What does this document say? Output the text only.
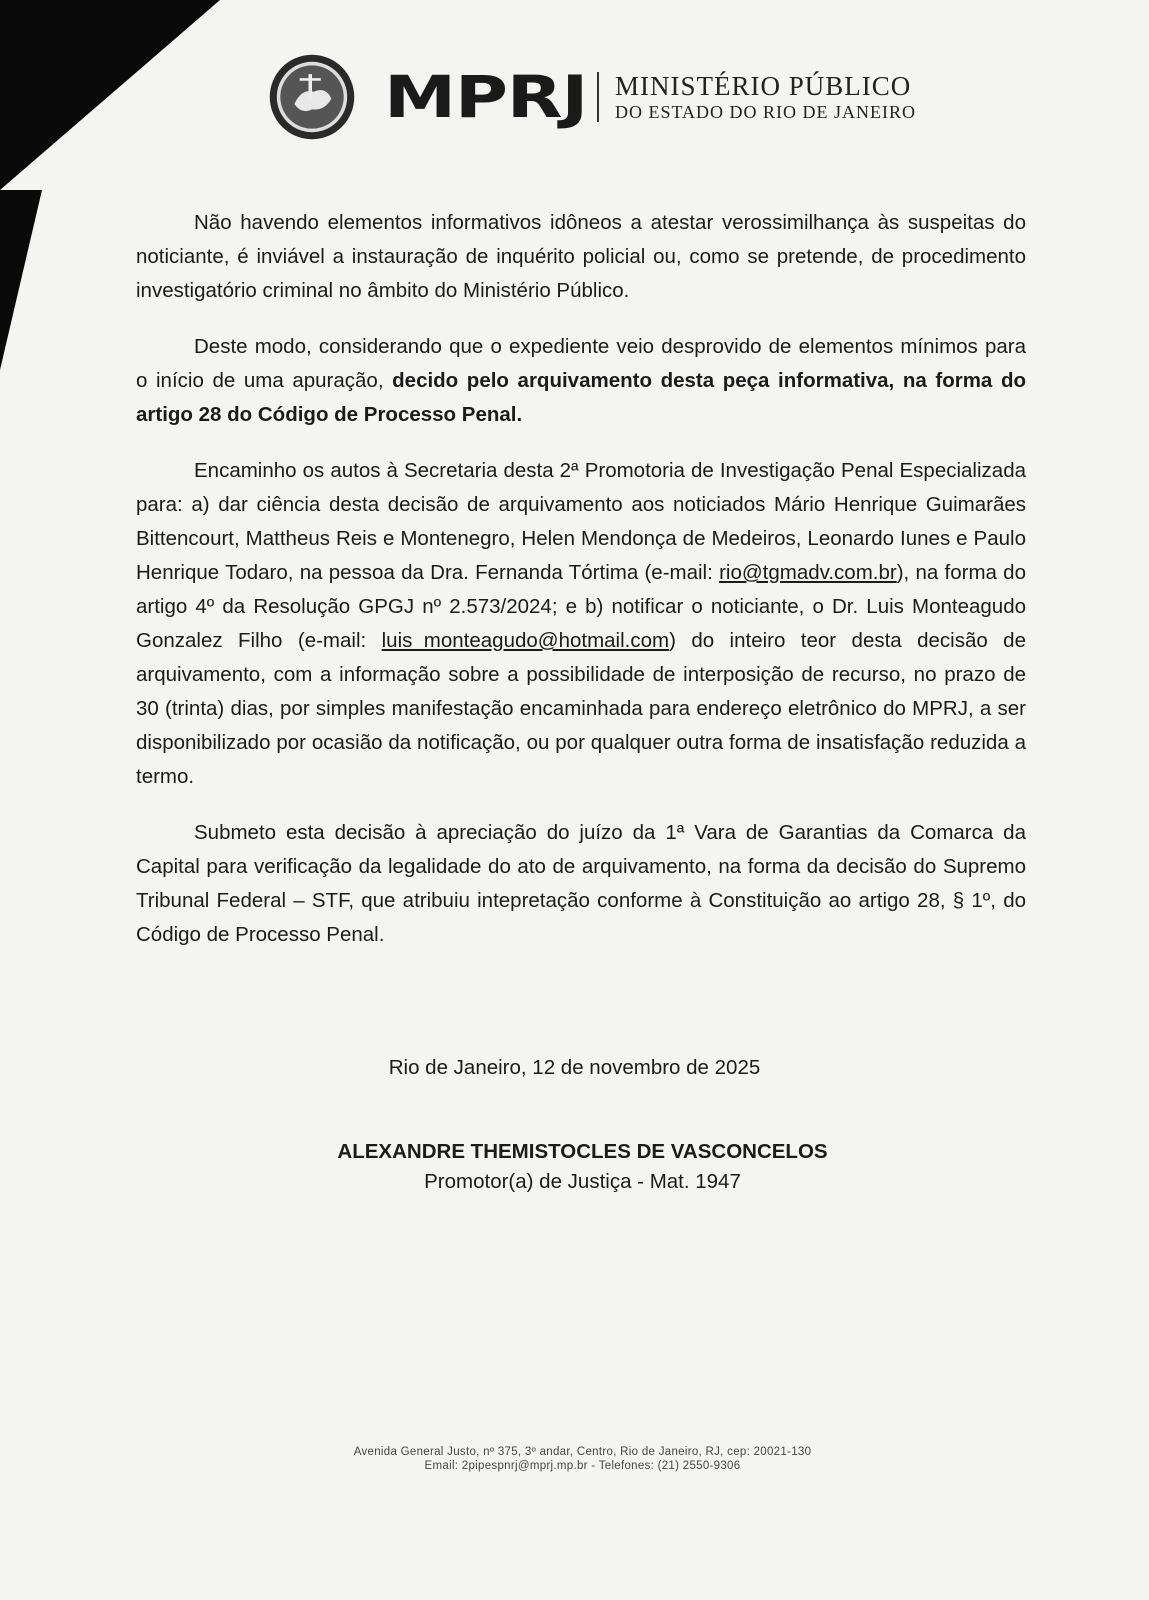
MPRJ	MINISTÉRIO PÚBLICO
DO ESTADO DO RIO DE JANEIRO

Não havendo elementos informativos idôneos a atestar verossimilhança às suspeitas do noticiante, é inviável a instauração de inquérito policial ou, como se pretende, de procedimento investigatório criminal no âmbito do Ministério Público.

Deste modo, considerando que o expediente veio desprovido de elementos mínimos para o início de uma apuração, decido pelo arquivamento desta peça informativa, na forma do artigo 28 do Código de Processo Penal.

Encaminho os autos à Secretaria desta 2ª Promotoria de Investigação Penal Especializada para: a) dar ciência desta decisão de arquivamento aos noticiados Mário Henrique Guimarães Bittencourt, Mattheus Reis e Montenegro, Helen Mendonça de Medeiros, Leonardo Iunes e Paulo Henrique Todaro, na pessoa da Dra. Fernanda Tórtima (e-mail: rio@tgmadv.com.br), na forma do artigo 4º da Resolução GPGJ nº 2.573/2024; e b) notificar o noticiante, o Dr. Luis Monteagudo Gonzalez Filho (e-mail: luis_monteagudo@hotmail.com) do inteiro teor desta decisão de arquivamento, com a informação sobre a possibilidade de interposição de recurso, no prazo de 30 (trinta) dias, por simples manifestação encaminhada para endereço eletrônico do MPRJ, a ser disponibilizado por ocasião da notificação, ou por qualquer outra forma de insatisfação reduzida a termo.

Submeto esta decisão à apreciação do juízo da 1ª Vara de Garantias da Comarca da Capital para verificação da legalidade do ato de arquivamento, na forma da decisão do Supremo Tribunal Federal – STF, que atribuiu intepretação conforme à Constituição ao artigo 28, § 1º, do Código de Processo Penal.

Rio de Janeiro, 12 de novembro de 2025
ALEXANDRE THEMISTOCLES DE VASCONCELOS
Promotor(a) de Justiça - Mat. 1947
Avenida General Justo, nº 375, 3º andar, Centro, Rio de Janeiro, RJ, cep: 20021-130
Email: 2pipespnrj@mprj.mp.br - Telefones: (21) 2550-9306
